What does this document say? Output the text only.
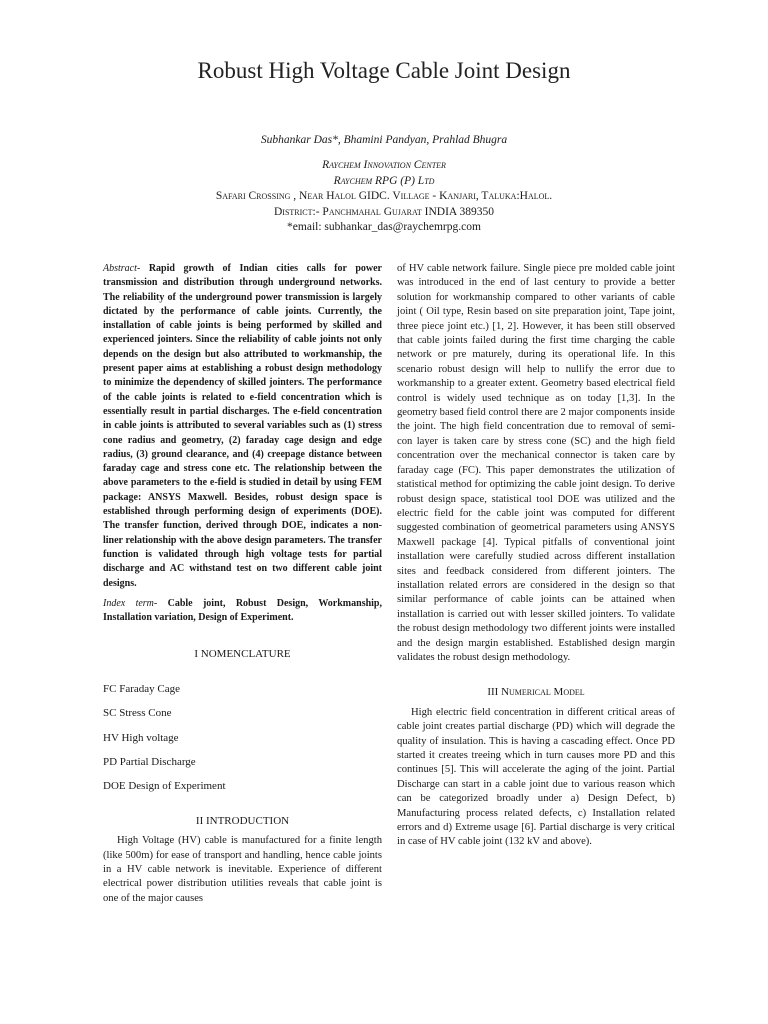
Robust High Voltage Cable Joint Design
Subhankar Das*, Bhamini Pandyan, Prahlad Bhugra
Raychem Innovation Center
Raychem RPG (P) Ltd
Safari Crossing , Near Halol GIDC. Village - Kanjari, Taluka:Halol.
District:- Panchmahal Gujarat INDIA 389350
*email: subhankar_das@raychemrpg.com

Abstract- Rapid growth of Indian cities calls for power transmission and distribution through underground networks. The reliability of the underground power transmission is largely dictated by the performance of cable joints. Currently, the installation of cable joints is being performed by skilled and experienced jointers. Since the reliability of cable joints not only depends on the design but also attributed to workmanship, the present paper aims at establishing a robust design methodology to minimize the dependency of skilled jointers. The performance of the cable joints is related to e-field concentration which is essentially result in partial discharges. The e-field concentration in cable joints is attributed to several variables such as (1) stress cone radius and geometry, (2) faraday cage design and edge radius, (3) ground clearance, and (4) creepage distance between faraday cage and stress cone etc. The relationship between the above parameters to the e-field is studied in detail by using FEM package: ANSYS Maxwell. Besides, robust design space is established through performing design of experiments (DOE). The transfer function, derived through DOE, indicates a non-liner relationship with the above design parameters. The transfer function is validated through high voltage tests for partial discharge and AC withstand test on two different cable joint designs.

Index term- Cable joint, Robust Design, Workmanship, Installation variation, Design of Experiment.

I NOMENCLATURE

FC Faraday Cage

SC Stress Cone

HV High voltage

PD Partial Discharge

DOE Design of Experiment

II INTRODUCTION

High Voltage (HV) cable is manufactured for a finite length (like 500m) for ease of transport and handling, hence cable joints in a HV cable network is inevitable. Experience of different electrical power distribution utilities reveals that cable joint is one of the major causes

of HV cable network failure. Single piece pre molded cable joint was introduced in the end of last century to provide a better solution for workmanship compared to other variants of cable joint ( Oil type, Resin based on site preparation joint, Tape joint, three piece joint etc.) [1, 2]. However, it has been still observed that cable joints failed during the first time charging the cable network or pre maturely, during its operational life. In this scenario robust design will help to nullify the error due to workmanship to a greater extent. Geometry based electrical field control is widely used technique as on today [1,3]. In the geometry based field control there are 2 major components inside the joint. The high field concentration due to removal of semi-con layer is taken care by stress cone (SC) and the high field concentration over the mechanical connector is taken care by faraday cage (FC). This paper demonstrates the utilization of statistical method for optimizing the cable joint design. To derive robust design space, statistical tool DOE was utilized and the electric field for the cable joint was computed for different suggested combination of geometrical parameters using ANSYS Maxwell package [4]. Typical pitfalls of conventional joint installation were carefully studied across different installation sites and feedback considered from different jointers. The installation related errors are considered in the design so that similar performance of cable joints can be attained when installation is carried out with lesser skilled jointers. To validate the robust design methodology two different joints were installed and the design margin established. Established design margin validates the robust design methodology.

III Numerical Model

High electric field concentration in different critical areas of cable joint creates partial discharge (PD) which will degrade the quality of insulation. This is having a cascading effect. Once PD started it creates treeing which in turn causes more PD and this continues [5]. This will accelerate the aging of the joint. Partial Discharge can start in a cable joint due to various reason which can be categorized broadly under a) Design Defect, b) Manufacturing process related defects, c) Installation related errors and d) Extreme usage [6]. Partial discharge is very critical in case of HV cable joint (132 kV and above).
